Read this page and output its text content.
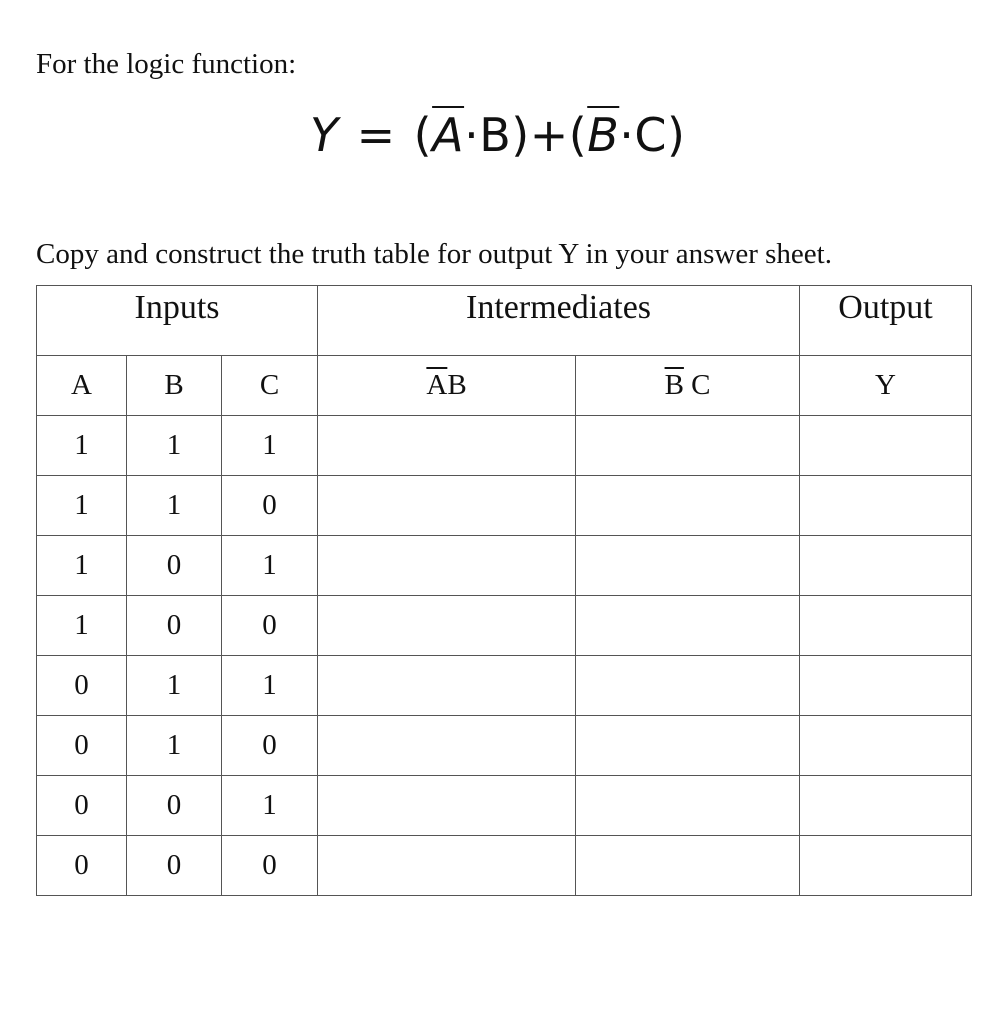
For the logic function:

$Y = (\overline{A}\cdot B)+(\overline{B}\cdot C)$

Copy and construct the truth table for output Y in your answer sheet.

Inputs			Intermediates		Output
A	B	C	$\overline{A}B$	$\overline{B}$ C	Y
1	1	1			
1	1	0			
1	0	1			
1	0	0			
0	1	1			
0	1	0			
0	0	1			
0	0	0			
